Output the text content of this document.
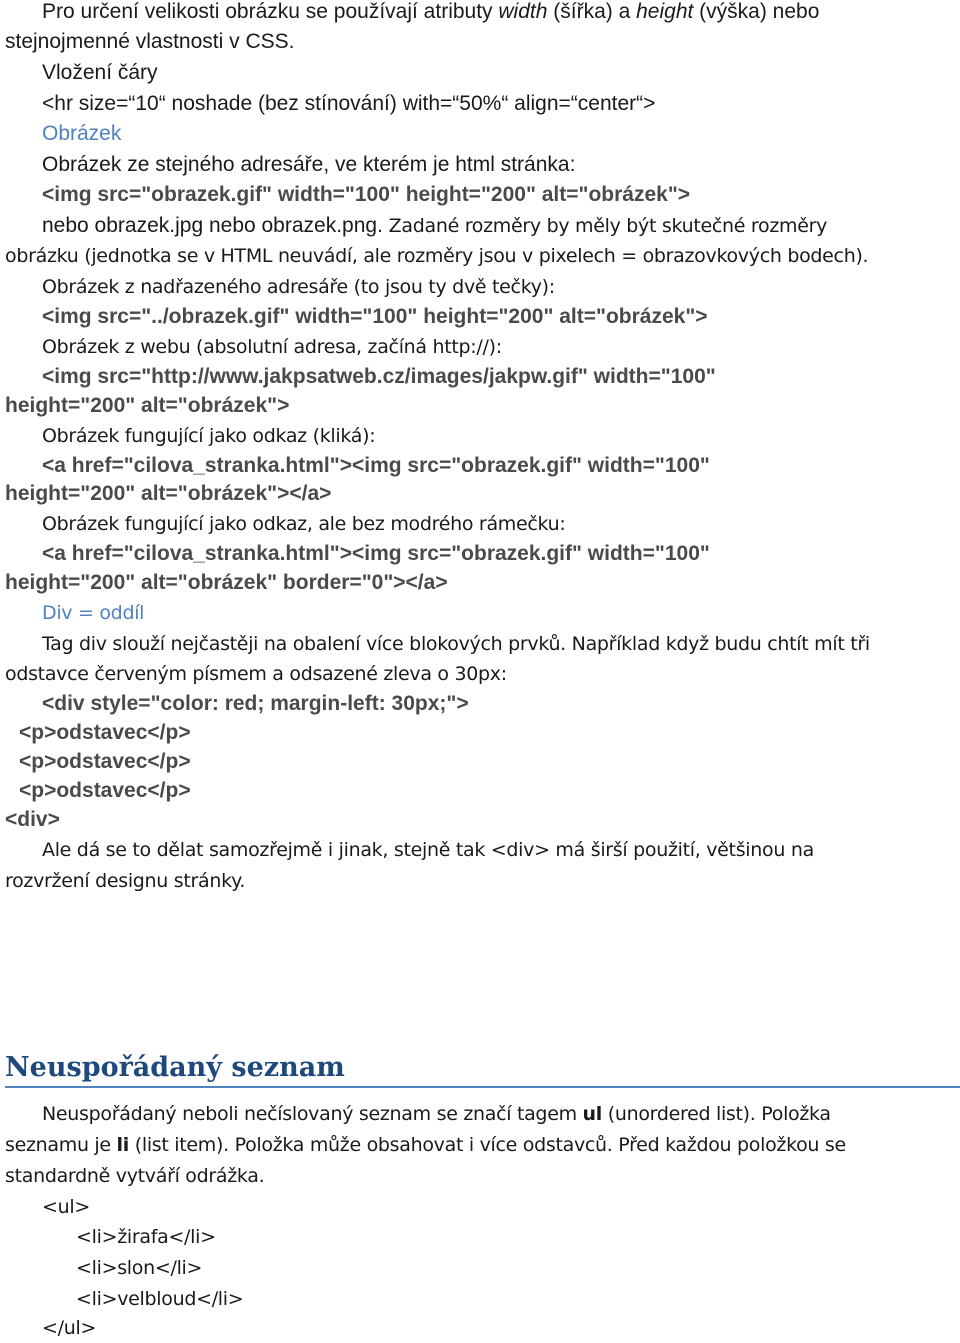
Pro určení velikosti obrázku se používají atributy width (šířka) a height (výška) nebo

stejnojmenné vlastnosti v CSS.

Vložení čáry

<hr size=“10“ noshade (bez stínování) with=“50%“ align=“center“>

Obrázek

Obrázek ze stejného adresáře, ve kterém je html stránka:

<img src="obrazek.gif" width="100" height="200" alt="obrázek">

nebo obrazek.jpg nebo obrazek.png. Zadané rozměry by měly být skutečné rozměry

obrázku (jednotka se v HTML neuvádí, ale rozměry jsou v pixelech = obrazovkových bodech).

Obrázek z nadřazeného adresáře (to jsou ty dvě tečky):

<img src="../obrazek.gif" width="100" height="200" alt="obrázek">

Obrázek z webu (absolutní adresa, začíná http://):

<img src="http://www.jakpsatweb.cz/images/jakpw.gif" width="100"

height="200" alt="obrázek">

Obrázek fungující jako odkaz (kliká):

<a href="cilova_stranka.html"><img src="obrazek.gif" width="100"

height="200" alt="obrázek"></a>

Obrázek fungující jako odkaz, ale bez modrého rámečku:

<a href="cilova_stranka.html"><img src="obrazek.gif" width="100"

height="200" alt="obrázek" border="0"></a>

Div = oddíl

Tag div slouží nejčastěji na obalení více blokových prvků. Například když budu chtít mít tři

odstavce červeným písmem a odsazené zleva o 30px:

<div style="color: red; margin-left: 30px;">

<p>odstavec</p>

<p>odstavec</p>

<p>odstavec</p>

<div>

Ale dá se to dělat samozřejmě i jinak, stejně tak <div> má širší použití, většinou na

rozvržení designu stránky.

Neuspořádaný seznam

Neuspořádaný neboli nečíslovaný seznam se značí tagem ul (unordered list). Položka

seznamu je li (list item). Položka může obsahovat i více odstavců. Před každou položkou se

standardně vytváří odrážka.

<ul>

<li>žirafa</li>

<li>slon</li>

<li>velbloud</li>

</ul>
